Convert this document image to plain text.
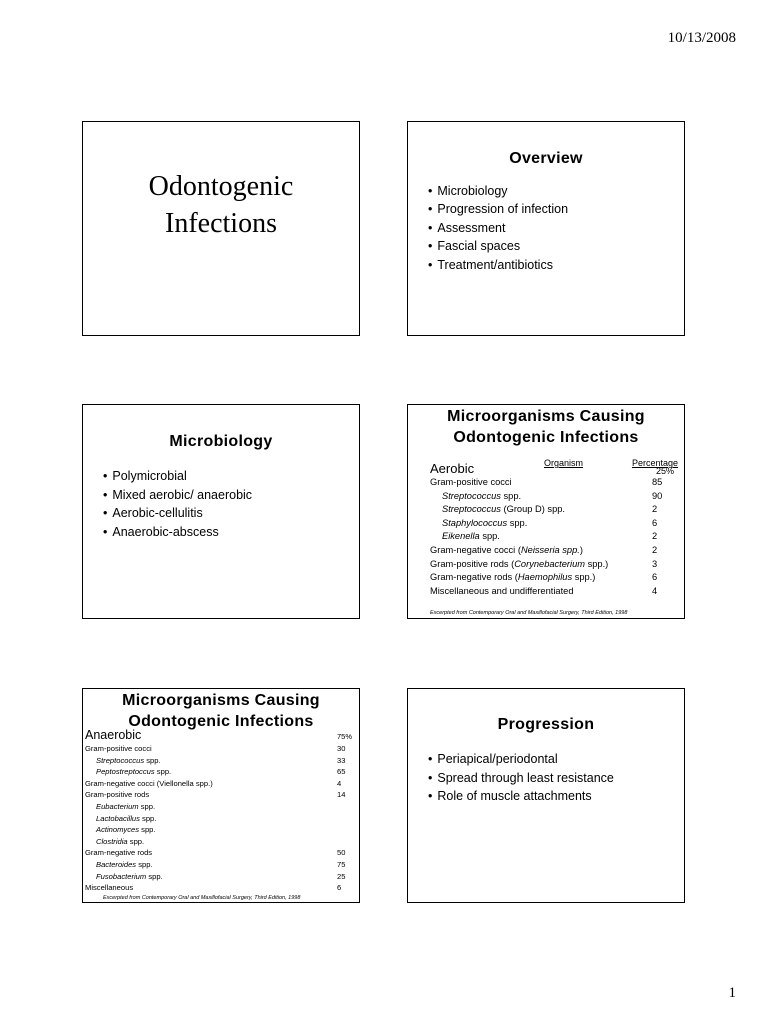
10/13/2008
Odontogenic
Infections
Overview
• Microbiology
• Progression of infection
• Assessment
• Fascial spaces
• Treatment/antibiotics
Microbiology
• Polymicrobial
• Mixed aerobic/ anaerobic
• Aerobic-cellulitis
• Anaerobic-abscess
Microorganisms Causing
Odontogenic Infections
Organism	Percentage
Aerobic	25%
Gram-positive cocci	85
Streptococcus spp.	90
Streptococcus (Group D) spp.	2
Staphylococcus spp.	6
Eikenella spp.	2
Gram-negative cocci (Neisseria spp.)	2
Gram-positive rods (Corynebacterium spp.)	3
Gram-negative rods (Haemophilus spp.)	6
Miscellaneous and undifferentiated	4
Excerpted from Contemporary Oral and Maxillofacial Surgery, Third Edition, 1998
Microorganisms Causing
Odontogenic Infections
Anaerobic	75%
Gram-positive cocci	30
Streptococcus spp.	33
Peptostreptoccus spp.	65
Gram-negative cocci (Viellonella spp.)	4
Gram-positive rods	14
Eubacterium spp.
Lactobacillus spp.
Actinomyces spp.
Clostridia spp.
Gram-negative rods	50
Bacteroides spp.	75
Fusobacterium spp.	25
Miscellaneous	6
Excerpted from Contemporary Oral and Maxillofacial Surgery, Third Edition, 1998
Progression
• Periapical/periodontal
• Spread through least resistance
• Role of muscle attachments
1
